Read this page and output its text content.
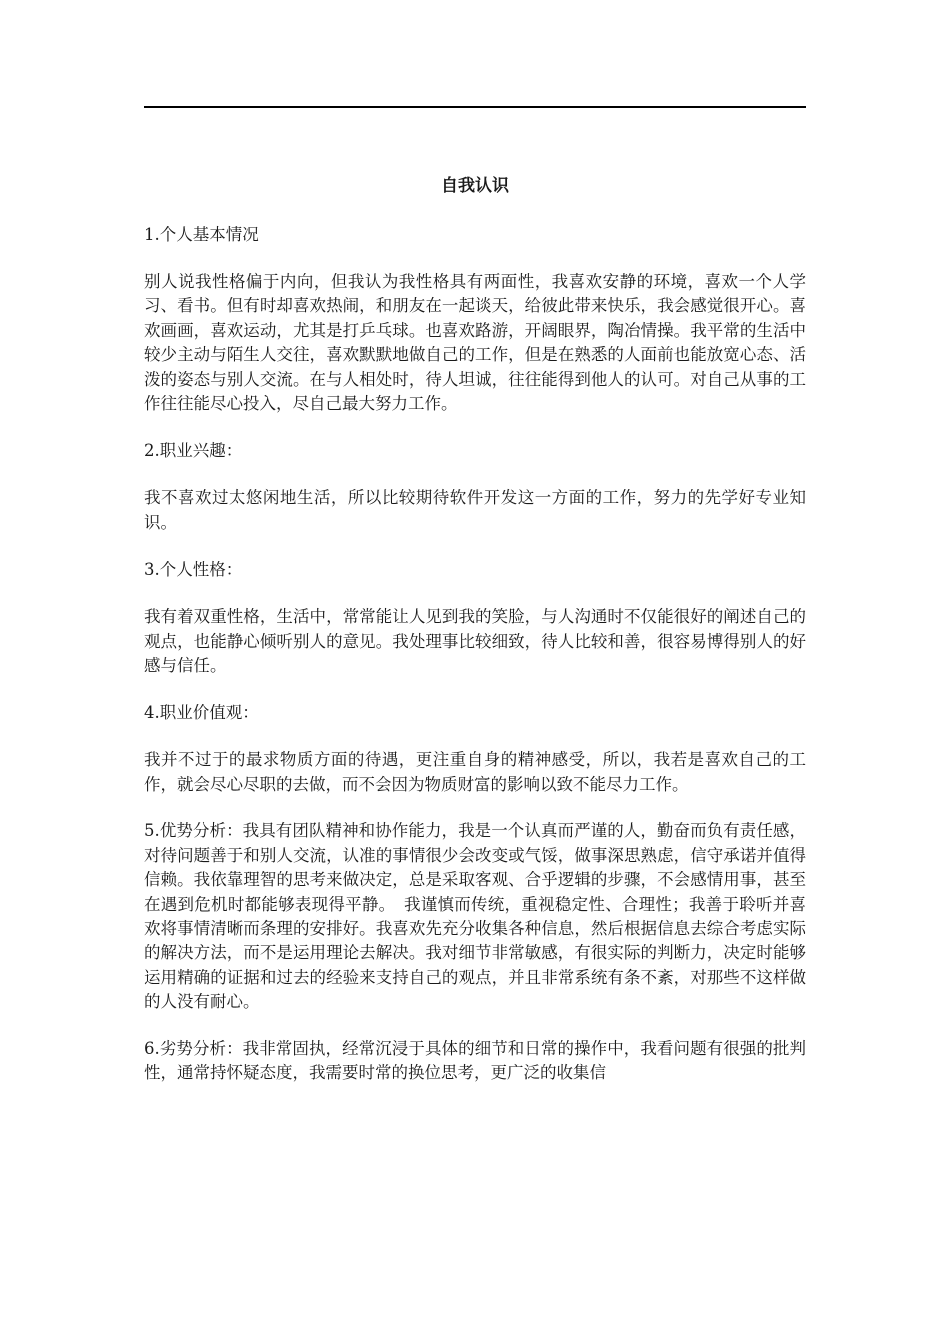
自我认识
1.个人基本情况
别人说我性格偏于内向，但我认为我性格具有两面性，我喜欢安静的环境，喜欢一个人学习、看书。但有时却喜欢热闹，和朋友在一起谈天，给彼此带来快乐，我会感觉很开心。喜欢画画，喜欢运动，尤其是打乒乓球。也喜欢路游，开阔眼界，陶冶情操。我平常的生活中较少主动与陌生人交往，喜欢默默地做自己的工作，但是在熟悉的人面前也能放宽心态、活泼的姿态与别人交流。在与人相处时，待人坦诚，往往能得到他人的认可。对自己从事的工作往往能尽心投入，尽自己最大努力工作。
2.职业兴趣：
我不喜欢过太悠闲地生活，所以比较期待软件开发这一方面的工作，努力的先学好专业知识。
3.个人性格：
我有着双重性格，生活中，常常能让人见到我的笑脸，与人沟通时不仅能很好的阐述自己的观点，也能静心倾听别人的意见。我处理事比较细致，待人比较和善，很容易博得别人的好感与信任。
4.职业价值观：
我并不过于的最求物质方面的待遇，更注重自身的精神感受，所以，我若是喜欢自己的工作，就会尽心尽职的去做，而不会因为物质财富的影响以致不能尽力工作。
5.优势分析：我具有团队精神和协作能力，我是一个认真而严谨的人，勤奋而负有责任感，对待问题善于和别人交流，认准的事情很少会改变或气馁，做事深思熟虑，信守承诺并值得信赖。我依靠理智的思考来做决定，总是采取客观、合乎逻辑的步骤，不会感情用事，甚至在遇到危机时都能够表现得平静。　我谨慎而传统，重视稳定性、合理性；我善于聆听并喜欢将事情清晰而条理的安排好。我喜欢先充分收集各种信息，然后根据信息去综合考虑实际的解决方法，而不是运用理论去解决。我对细节非常敏感，有很实际的判断力，决定时能够运用精确的证据和过去的经验来支持自己的观点，并且非常系统有条不紊，对那些不这样做的人没有耐心。
6.劣势分析：我非常固执，经常沉浸于具体的细节和日常的操作中，我看问题有很强的批判性，通常持怀疑态度，我需要时常的换位思考，更广泛的收集信
